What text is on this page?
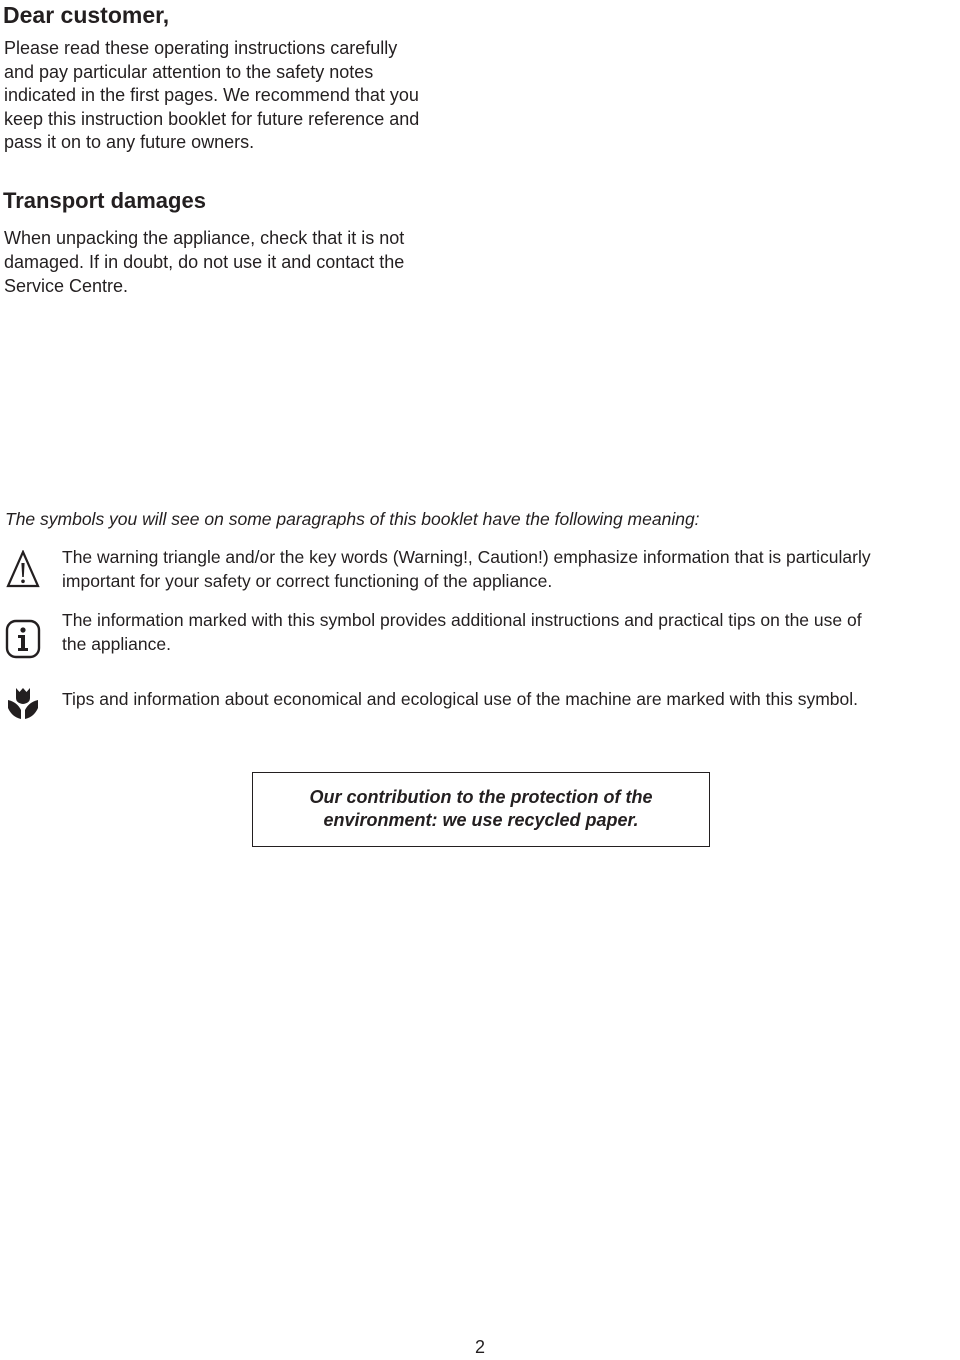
Dear customer,
Please read these operating instructions carefully
and pay particular attention to the safety notes
indicated in the first pages. We recommend that you
keep this instruction booklet for future reference and
pass it on to any future owners.
Transport damages
When unpacking the appliance, check that it is not
damaged. If in doubt, do not use it and contact the
Service Centre.
The symbols you will see on some paragraphs of this booklet have the following meaning:
The warning triangle and/or the key words (Warning!, Caution!) emphasize information that is particularly
important for your safety or correct functioning of the appliance.
The information marked with this symbol provides additional instructions and practical tips on the use of
the appliance.
Tips and information about economical and ecological use of the machine are marked with this symbol.
Our contribution to the protection of the
environment: we use recycled paper.
2
